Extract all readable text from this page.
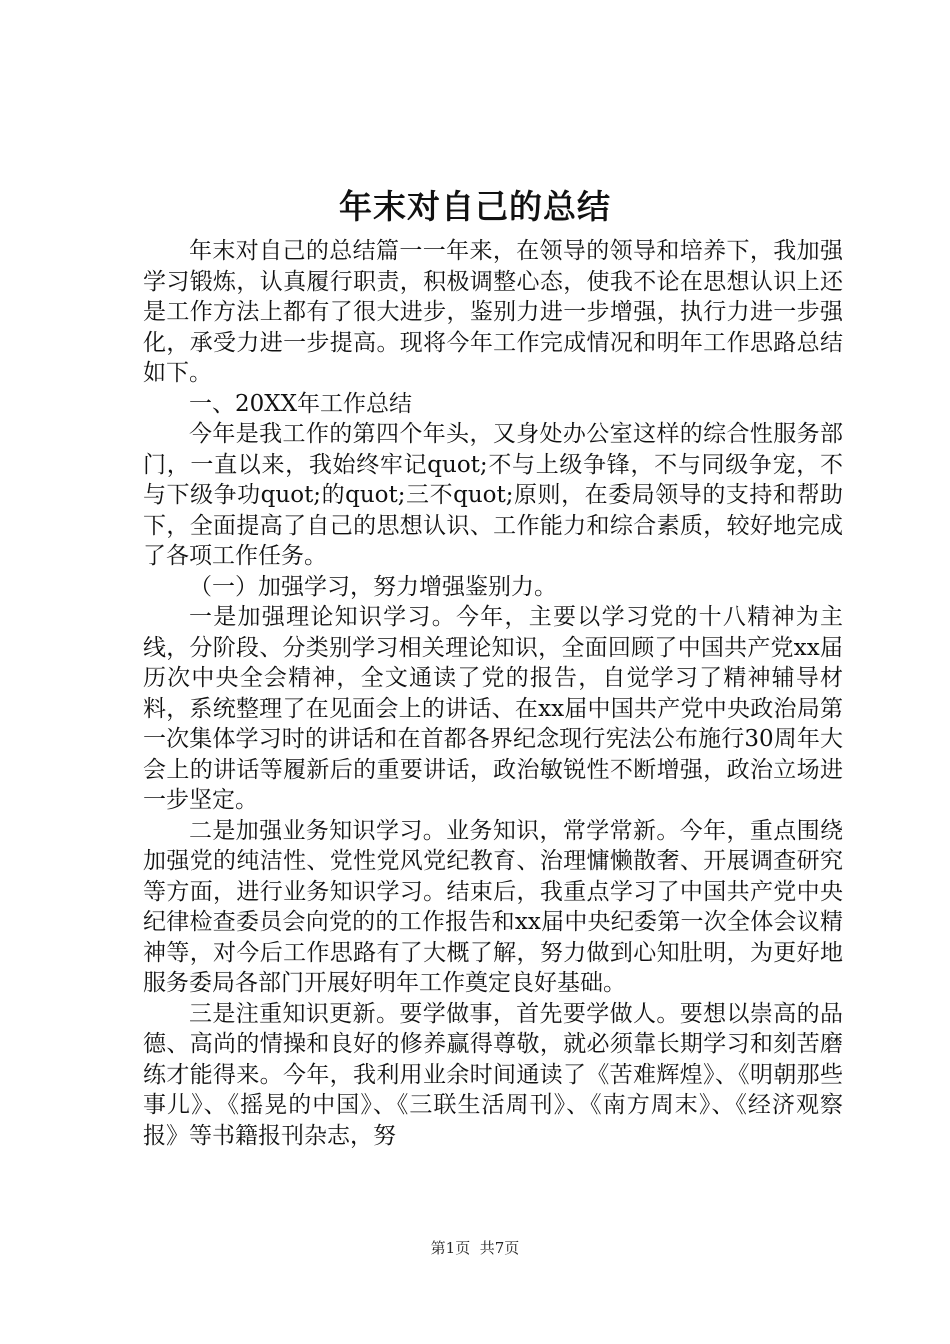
年末对自己的总结

年末对自己的总结篇一一年来，在领导的领导和培养下，我加强学习锻炼，认真履行职责，积极调整心态，使我不论在思想认识上还是工作方法上都有了很大进步，鉴别力进一步增强，执行力进一步强化，承受力进一步提高。现将今年工作完成情况和明年工作思路总结如下。

一、20XX年工作总结

今年是我工作的第四个年头，又身处办公室这样的综合性服务部门，一直以来，我始终牢记quot;不与上级争锋，不与同级争宠，不与下级争功quot;的quot;三不quot;原则，在委局领导的支持和帮助下，全面提高了自己的思想认识、工作能力和综合素质，较好地完成了各项工作任务。

（一）加强学习，努力增强鉴别力。

一是加强理论知识学习。今年，主要以学习党的十八精神为主线，分阶段、分类别学习相关理论知识，全面回顾了中国共产党xx届历次中央全会精神，全文通读了党的报告，自觉学习了精神辅导材料，系统整理了在见面会上的讲话、在xx届中国共产党中央政治局第一次集体学习时的讲话和在首都各界纪念现行宪法公布施行30周年大会上的讲话等履新后的重要讲话，政治敏锐性不断增强，政治立场进一步坚定。

二是加强业务知识学习。业务知识，常学常新。今年，重点围绕加强党的纯洁性、党性党风党纪教育、治理慵懒散奢、开展调查研究等方面，进行业务知识学习。结束后，我重点学习了中国共产党中央纪律检查委员会向党的的工作报告和xx届中央纪委第一次全体会议精神等，对今后工作思路有了大概了解，努力做到心知肚明，为更好地服务委局各部门开展好明年工作奠定良好基础。

三是注重知识更新。要学做事，首先要学做人。要想以崇高的品德、高尚的情操和良好的修养赢得尊敬，就必须靠长期学习和刻苦磨练才能得来。今年，我利用业余时间通读了《苦难辉煌》、《明朝那些事儿》、《摇晃的中国》、《三联生活周刊》、《南方周末》、《经济观察报》等书籍报刊杂志，努

第1页 共7页
